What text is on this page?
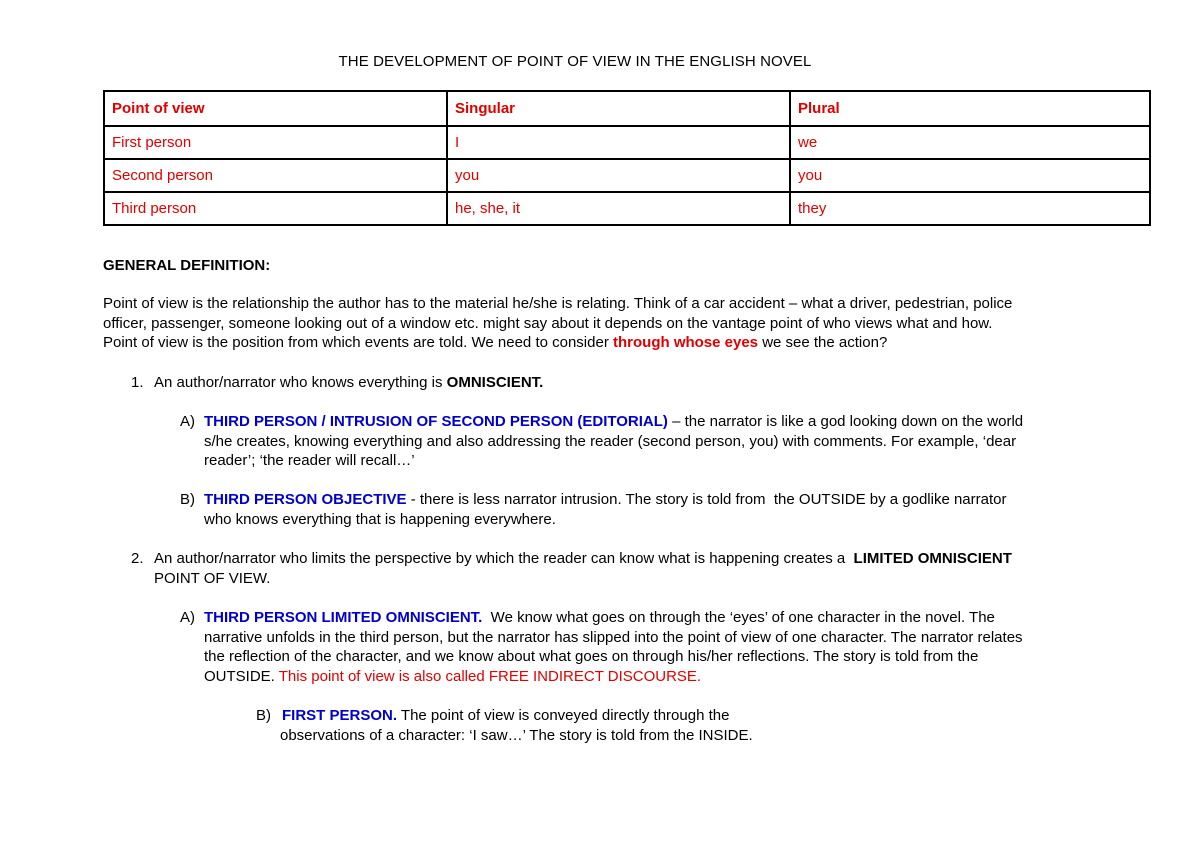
THE DEVELOPMENT OF POINT OF VIEW IN THE ENGLISH NOVEL
Point of view	Singular	Plural
First person	I	we
Second person	you	you
Third person	he, she, it	they
GENERAL DEFINITION:
Point of view is the relationship the author has to the material he/she is relating. Think of a car accident – what a driver, pedestrian, police
officer, passenger, someone looking out of a window etc. might say about it depends on the vantage point of who views what and how.
Point of view is the position from which events are told. We need to consider through whose eyes we see the action?
1. An author/narrator who knows everything is OMNISCIENT.
A) THIRD PERSON / INTRUSION OF SECOND PERSON (EDITORIAL) – the narrator is like a god looking down on the world
s/he creates, knowing everything and also addressing the reader (second person, you) with comments. For example, ‘dear
reader’; ‘the reader will recall…’
B) THIRD PERSON OBJECTIVE - there is less narrator intrusion. The story is told from  the OUTSIDE by a godlike narrator
who knows everything that is happening everywhere.
2. An author/narrator who limits the perspective by which the reader can know what is happening creates a  LIMITED OMNISCIENT
POINT OF VIEW.
A) THIRD PERSON LIMITED OMNISCIENT.  We know what goes on through the ‘eyes’ of one character in the novel. The
narrative unfolds in the third person, but the narrator has slipped into the point of view of one character. The narrator relates
the reflection of the character, and we know about what goes on through his/her reflections. The story is told from the
OUTSIDE. This point of view is also called FREE INDIRECT DISCOURSE.
B) FIRST PERSON. The point of view is conveyed directly through the
observations of a character: ‘I saw…’ The story is told from the INSIDE.
